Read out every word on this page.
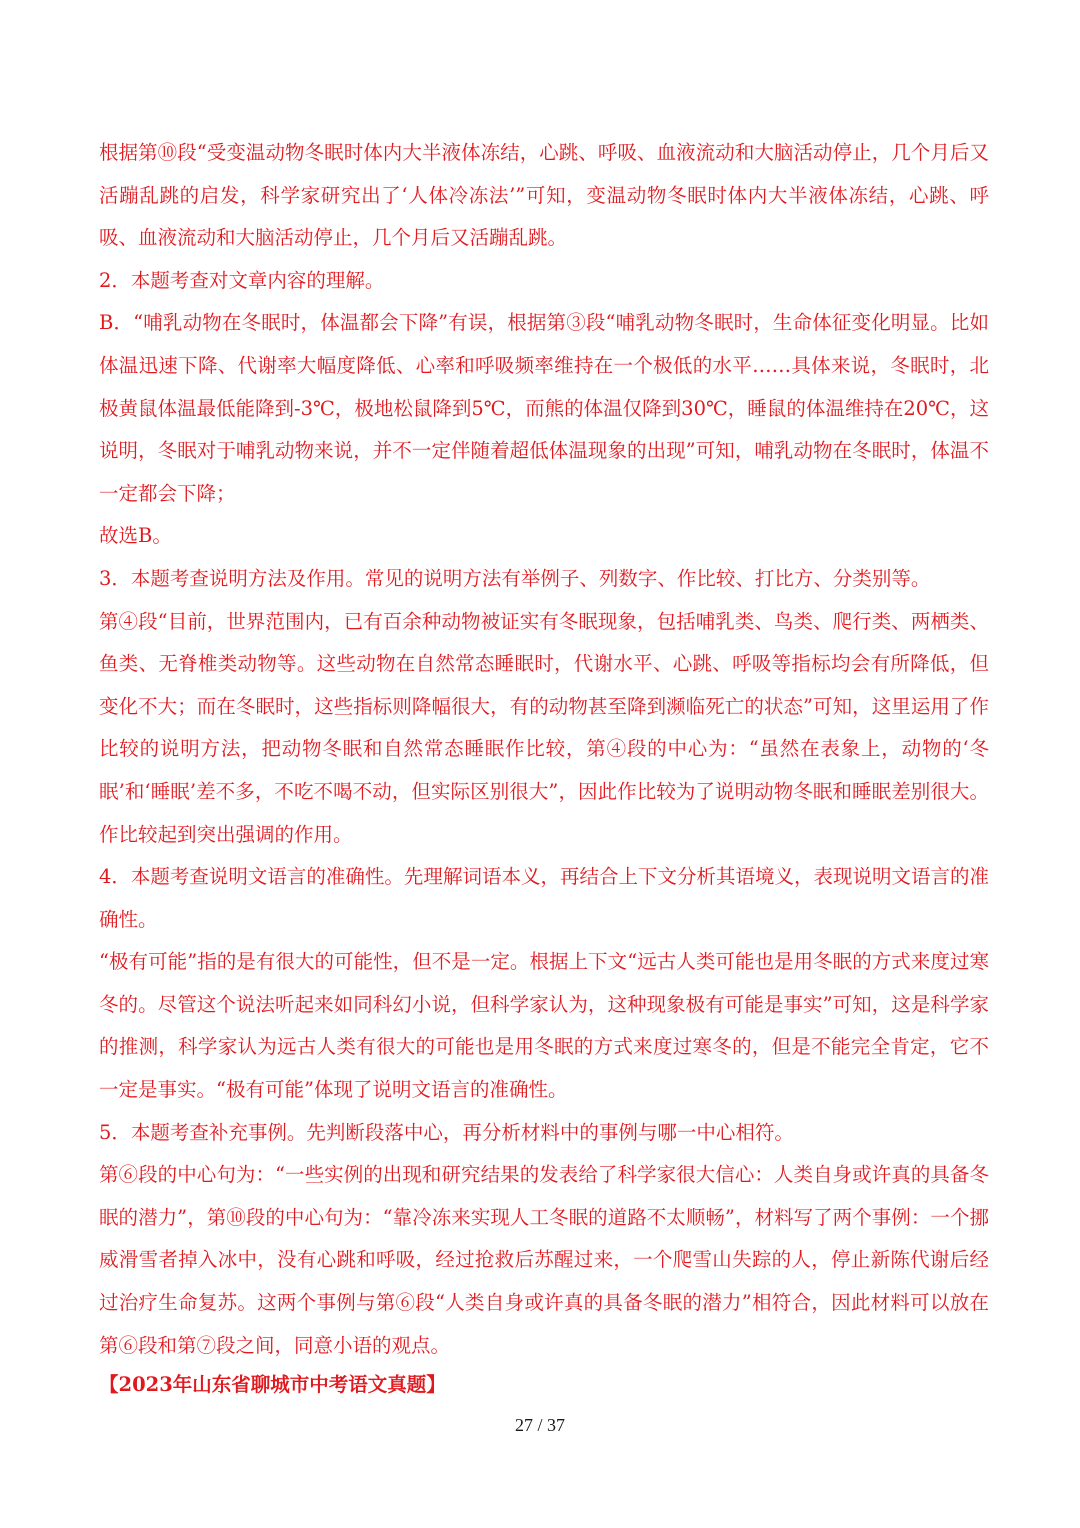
根据第⑩段“受变温动物冬眠时体内大半液体冻结，心跳、呼吸、血液流动和大脑活动停止，几个月后又活蹦乱跳的启发，科学家研究出了‘人体冷冻法’”可知，变温动物冬眠时体内大半液体冻结，心跳、呼吸、血液流动和大脑活动停止，几个月后又活蹦乱跳。

2．本题考查对文章内容的理解。

B．“哺乳动物在冬眠时，体温都会下降”有误，根据第③段“哺乳动物冬眠时，生命体征变化明显。比如体温迅速下降、代谢率大幅度降低、心率和呼吸频率维持在一个极低的水平……具体来说，冬眠时，北极黄鼠体温最低能降到-3℃，极地松鼠降到5℃，而熊的体温仅降到30℃，睡鼠的体温维持在20℃，这说明，冬眠对于哺乳动物来说，并不一定伴随着超低体温现象的出现”可知，哺乳动物在冬眠时，体温不一定都会下降；

故选B。

3．本题考查说明方法及作用。常见的说明方法有举例子、列数字、作比较、打比方、分类别等。

第④段“目前，世界范围内，已有百余种动物被证实有冬眠现象，包括哺乳类、鸟类、爬行类、两栖类、鱼类、无脊椎类动物等。这些动物在自然常态睡眠时，代谢水平、心跳、呼吸等指标均会有所降低，但变化不大；而在冬眠时，这些指标则降幅很大，有的动物甚至降到濒临死亡的状态”可知，这里运用了作比较的说明方法，把动物冬眠和自然常态睡眠作比较，第④段的中心为：“虽然在表象上，动物的‘冬眠’和‘睡眠’差不多，不吃不喝不动，但实际区别很大”，因此作比较为了说明动物冬眠和睡眠差别很大。作比较起到突出强调的作用。

4．本题考查说明文语言的准确性。先理解词语本义，再结合上下文分析其语境义，表现说明文语言的准确性。

“极有可能”指的是有很大的可能性，但不是一定。根据上下文“远古人类可能也是用冬眠的方式来度过寒冬的。尽管这个说法听起来如同科幻小说，但科学家认为，这种现象极有可能是事实”可知，这是科学家的推测，科学家认为远古人类有很大的可能也是用冬眠的方式来度过寒冬的，但是不能完全肯定，它不一定是事实。“极有可能”体现了说明文语言的准确性。

5．本题考查补充事例。先判断段落中心，再分析材料中的事例与哪一中心相符。

第⑥段的中心句为：“一些实例的出现和研究结果的发表给了科学家很大信心：人类自身或许真的具备冬眠的潜力”，第⑩段的中心句为：“靠冷冻来实现人工冬眠的道路不太顺畅”，材料写了两个事例：一个挪威滑雪者掉入冰中，没有心跳和呼吸，经过抢救后苏醒过来，一个爬雪山失踪的人，停止新陈代谢后经过治疗生命复苏。这两个事例与第⑥段“人类自身或许真的具备冬眠的潜力”相符合，因此材料可以放在第⑥段和第⑦段之间，同意小语的观点。

【2023年山东省聊城市中考语文真题】
27 / 37
